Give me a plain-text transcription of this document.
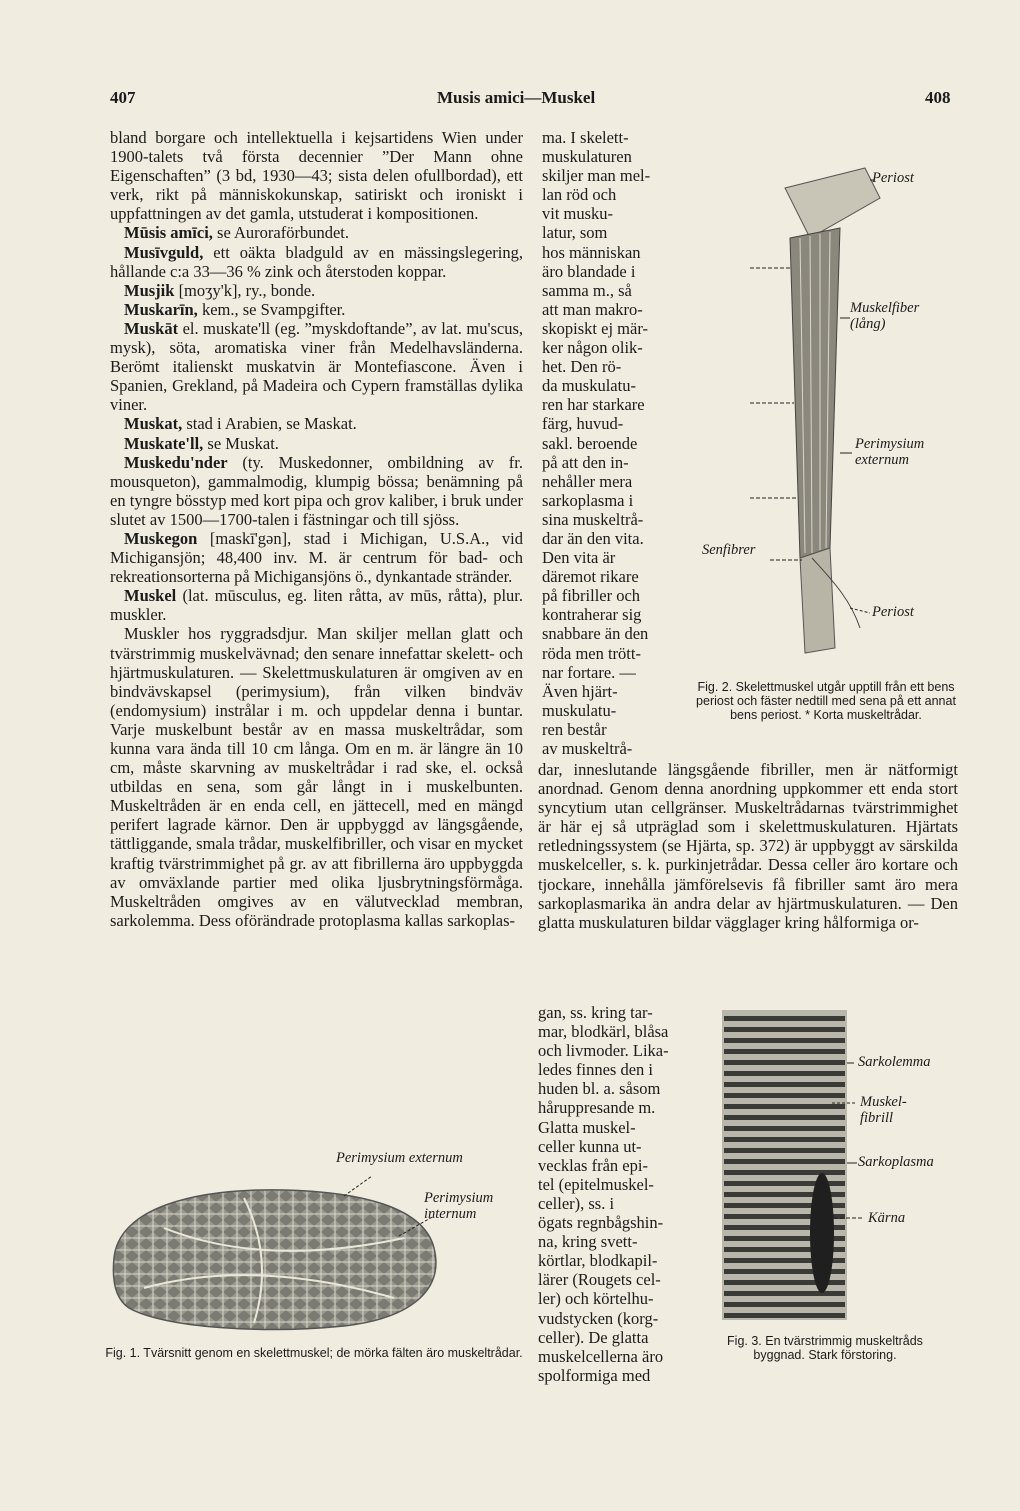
407	Musis amici—Muskel	408

bland borgare och intellektuella i kejsartidens Wien under 1900-talets två första decennier ”Der Mann ohne Eigenschaften” (3 bd, 1930—43; sista delen ofullbordad), ett verk, rikt på människokunskap, satiriskt och ironiskt i uppfattningen av det gamla, utstuderat i kompositionen.

Mūsis amīci, se Auroraförbundet.

Musīvguld, ett oäkta bladguld av en mässingslegering, hållande c:a 33—36 % zink och återstoden koppar.

Musjik [moʒy'k], ry., bonde.

Muskarīn, kem., se Svampgifter.

Muskāt el. muskate'll (eg. ”myskdoftande”, av lat. mu'scus, mysk), söta, aromatiska viner från Medelhavsländerna. Berömt italienskt muskatvin är Montefiascone. Även i Spanien, Grekland, på Madeira och Cypern framställas dylika viner.

Muskat, stad i Arabien, se Maskat.

Muskate'll, se Muskat.

Muskedu'nder (ty. Muskedonner, ombildning av fr. mousqueton), gammalmodig, klumpig bössa; benämning på en tyngre bösstyp med kort pipa och grov kaliber, i bruk under slutet av 1500—1700-talen i fästningar och till sjöss.

Muskegon [maskī'gən], stad i Michigan, U.S.A., vid Michigansjön; 48,400 inv. M. är centrum för bad- och rekreationsorterna på Michigansjöns ö., dynkantade stränder.

Muskel (lat. mūsculus, eg. liten råtta, av mūs, råtta), plur. muskler.

Muskler hos ryggradsdjur. Man skiljer mellan glatt och tvärstrimmig muskelvävnad; den senare innefattar skelett- och hjärtmuskulaturen. — Skelettmuskulaturen är omgiven av en bindvävskapsel (perimysium), från vilken bindväv (endomysium) instrålar i m. och uppdelar denna i buntar. Varje muskelbunt består av en massa muskeltrådar, som kunna vara ända till 10 cm långa. Om en m. är längre än 10 cm, måste skarvning av muskeltrådar i rad ske, el. också utbildas en sena, som går långt in i muskelbunten. Muskeltråden är en enda cell, en jättecell, med en mängd perifert lagrade kärnor. Den är uppbyggd av längsgående, tättliggande, smala trådar, muskelfibriller, och visar en mycket kraftig tvärstrimmighet på gr. av att fibrillerna äro uppbyggda av omväxlande partier med olika ljusbrytningsförmåga. Muskeltråden omgives av en välutvecklad membran, sarkolemma. Dess oförändrade protoplasma kallas sarkoplas-

Perimysium externum
Perimysium internum
Fig. 1. Tvärsnitt genom en skelettmuskel; de mörka fälten äro muskeltrådar.
ma. I skelett-
muskulaturen
skiljer man mel-
lan röd och
vit musku-
latur, som
hos människan
äro blandade i
samma m., så
att man makro-
skopiskt ej mär-
ker någon olik-
het. Den rö-
da muskulatu-
ren har starkare
färg, huvud-
sakl. beroende
på att den in-
nehåller mera
sarkoplasma i
sina muskeltrå-
dar än den vita.
Den vita är
däremot rikare
på fibriller och
kontraherar sig
snabbare än den
röda men trött-
nar fortare. —
Även hjärt-
muskulatu-
ren består
av muskeltrå-
Periost
Muskelfiber (lång)
Perimysium externum
Senfibrer
Periost
Fig. 2. Skelettmuskel utgår upptill från ett bens periost och fäster nedtill med sena på ett annat bens periost. * Korta muskeltrådar.
dar, inneslutande längsgående fibriller, men är nätformigt anordnad. Genom denna anordning uppkommer ett enda stort syncytium utan cellgränser. Muskeltrådarnas tvärstrimmighet är här ej så utpräglad som i skelettmuskulaturen. Hjärtats retledningssystem (se Hjärta, sp. 372) är uppbyggt av särskilda muskelceller, s. k. purkinjetrådar. Dessa celler äro kortare och tjockare, innehålla jämförelsevis få fibriller samt äro mera sarkoplasmarika än andra delar av hjärtmuskulaturen. — Den glatta muskulaturen bildar vägglager kring hålformiga or-
gan, ss. kring tar-
mar, blodkärl, blåsa
och livmoder. Lika-
ledes finnes den i
huden bl. a. såsom
håruppresande m.
Glatta muskel-
celler kunna ut-
vecklas från epi-
tel (epitelmuskel-
celler), ss. i
ögats regnbågshin-
na, kring svett-
körtlar, blodkapil-
lärer (Rougets cel-
ler) och körtelhu-
vudstycken (korg-
celler). De glatta
muskelcellerna äro
spolformiga med
Sarkolemma
Muskel-fibrill
Sarkoplasma
Kärna
Fig. 3. En tvärstrimmig muskeltråds byggnad. Stark förstoring.
